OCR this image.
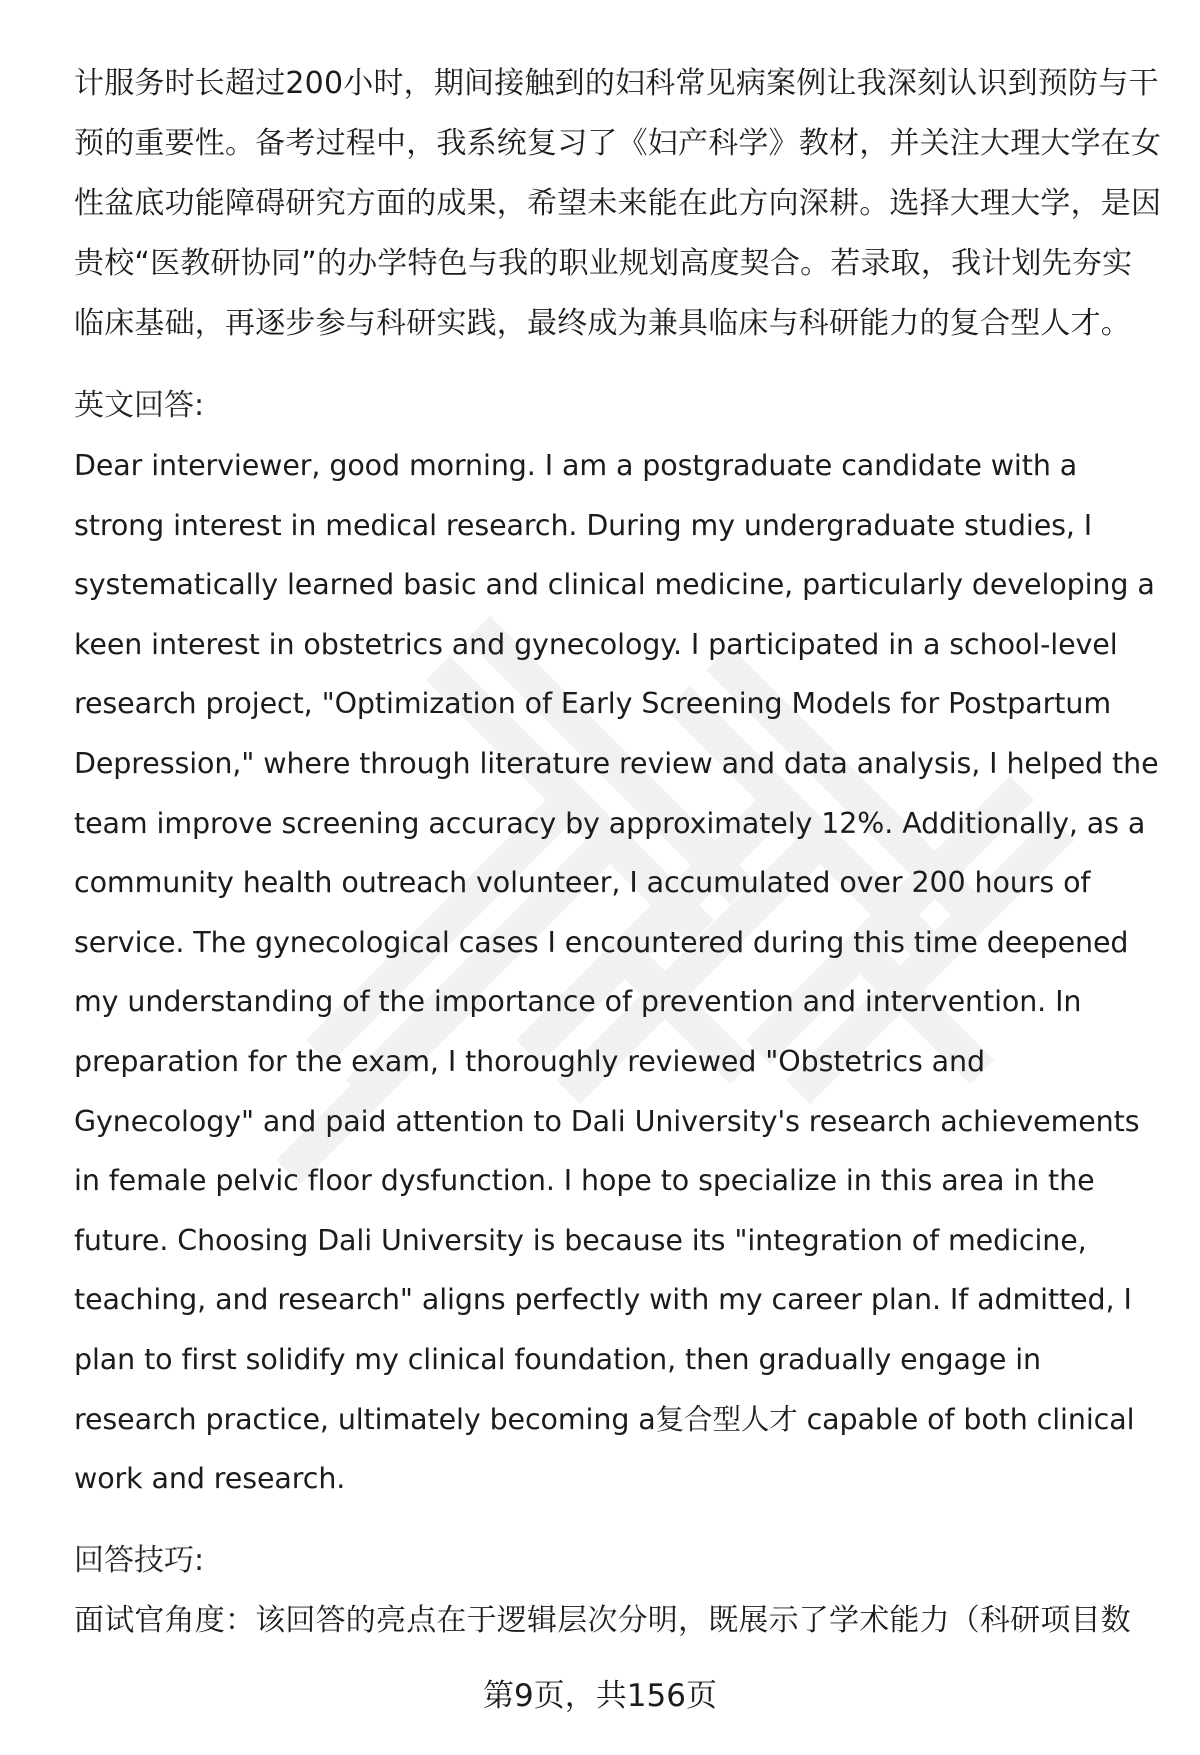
计服务时长超过200小时，期间接触到的妇科常见病案例让我深刻认识到预防与干
预的重要性。备考过程中，我系统复习了《妇产科学》教材，并关注大理大学在女
性盆底功能障碍研究方面的成果，希望未来能在此方向深耕。选择大理大学，是因
贵校“医教研协同”的办学特色与我的职业规划高度契合。若录取，我计划先夯实
临床基础，再逐步参与科研实践，最终成为兼具临床与科研能力的复合型人才。
英文回答:
Dear interviewer, good morning. I am a postgraduate candidate with a
strong interest in medical research. During my undergraduate studies, I
systematically learned basic and clinical medicine, particularly developing a
keen interest in obstetrics and gynecology. I participated in a school-level
research project, "Optimization of Early Screening Models for Postpartum
Depression," where through literature review and data analysis, I helped the
team improve screening accuracy by approximately 12%. Additionally, as a
community health outreach volunteer, I accumulated over 200 hours of
service. The gynecological cases I encountered during this time deepened
my understanding of the importance of prevention and intervention. In
preparation for the exam, I thoroughly reviewed "Obstetrics and
Gynecology" and paid attention to Dali University's research achievements
in female pelvic floor dysfunction. I hope to specialize in this area in the
future. Choosing Dali University is because its "integration of medicine,
teaching, and research" aligns perfectly with my career plan. If admitted, I
plan to first solidify my clinical foundation, then gradually engage in
research practice, ultimately becoming a复合型人才 capable of both clinical
work and research.
回答技巧:
面试官角度：该回答的亮点在于逻辑层次分明，既展示了学术能力（科研项目数
第9页，共156页
